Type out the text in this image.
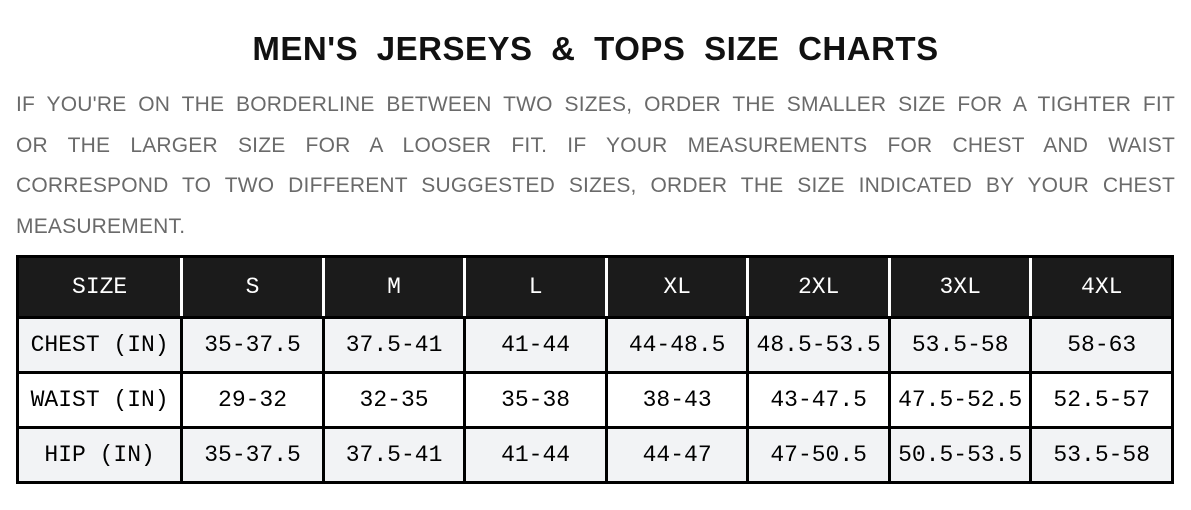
MEN'S JERSEYS & TOPS SIZE CHARTS

IF YOU'RE ON THE BORDERLINE BETWEEN TWO SIZES, ORDER THE SMALLER SIZE FOR A TIGHTER FIT OR THE LARGER SIZE FOR A LOOSER FIT. IF YOUR MEASUREMENTS FOR CHEST AND WAIST CORRESPOND TO TWO DIFFERENT SUGGESTED SIZES, ORDER THE SIZE INDICATED BY YOUR CHEST MEASUREMENT.

SIZE	S	M	L	XL	2XL	3XL	4XL
CHEST (IN)	35-37.5	37.5-41	41-44	44-48.5	48.5-53.5	53.5-58	58-63
WAIST (IN)	29-32	32-35	35-38	38-43	43-47.5	47.5-52.5	52.5-57
HIP (IN)	35-37.5	37.5-41	41-44	44-47	47-50.5	50.5-53.5	53.5-58
